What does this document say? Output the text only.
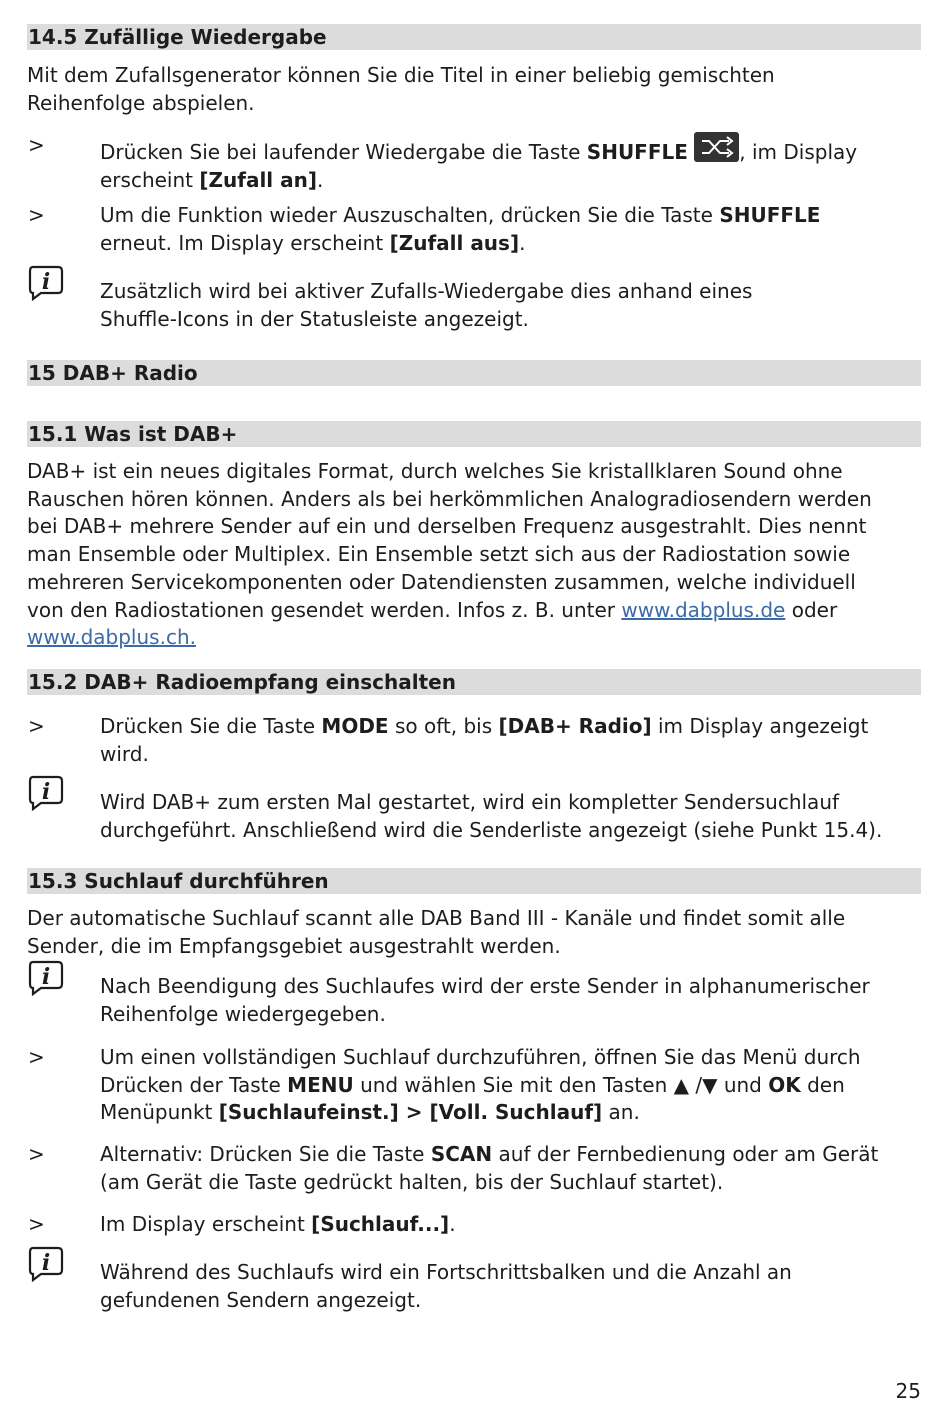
14.5 Zufällige Wiedergabe
Mit dem Zufallsgenerator können Sie die Titel in einer beliebig gemischten
Reihenfolge abspielen.
>	Drücken Sie bei laufender Wiedergabe die Taste SHUFFLE	, im Display
erscheint [Zufall an].
>	Um die Funktion wieder Auszuschalten, drücken Sie die Taste SHUFFLE
erneut. Im Display erscheint [Zufall aus].
i Zusätzlich wird bei aktiver Zufalls-Wiedergabe dies anhand eines
Shuffle-Icons in der Statusleiste angezeigt.
15 DAB+ Radio
15.1 Was ist DAB+
DAB+ ist ein neues digitales Format, durch welches Sie kristallklaren Sound ohne
Rauschen hören können. Anders als bei herkömmlichen Analogradiosendern werden
bei DAB+ mehrere Sender auf ein und derselben Frequenz ausgestrahlt. Dies nennt
man Ensemble oder Multiplex. Ein Ensemble setzt sich aus der Radiostation sowie
mehreren Servicekomponenten oder Datendiensten zusammen, welche individuell
von den Radiostationen gesendet werden. Infos z. B. unter www.dabplus.de oder
www.dabplus.ch.
15.2 DAB+ Radioempfang einschalten
>	Drücken Sie die Taste MODE so oft, bis [DAB+ Radio] im Display angezeigt
wird.
i Wird DAB+ zum ersten Mal gestartet, wird ein kompletter Sendersuchlauf
durchgeführt. Anschließend wird die Senderliste angezeigt (siehe Punkt 15.4).
15.3 Suchlauf durchführen
Der automatische Suchlauf scannt alle DAB Band III - Kanäle und findet somit alle
Sender, die im Empfangsgebiet ausgestrahlt werden.
i Nach Beendigung des Suchlaufes wird der erste Sender in alphanumerischer
Reihenfolge wiedergegeben.
>	Um einen vollständigen Suchlauf durchzuführen, öffnen Sie das Menü durch
Drücken der Taste MENU und wählen Sie mit den Tasten ▲ /▼ und OK den
Menüpunkt [Suchlaufeinst.] > [Voll. Suchlauf] an.
>	Alternativ: Drücken Sie die Taste SCAN auf der Fernbedienung oder am Gerät
(am Gerät die Taste gedrückt halten, bis der Suchlauf startet).
>	Im Display erscheint [Suchlauf...].
i Während des Suchlaufs wird ein Fortschrittsbalken und die Anzahl an
gefundenen Sendern angezeigt.
25
